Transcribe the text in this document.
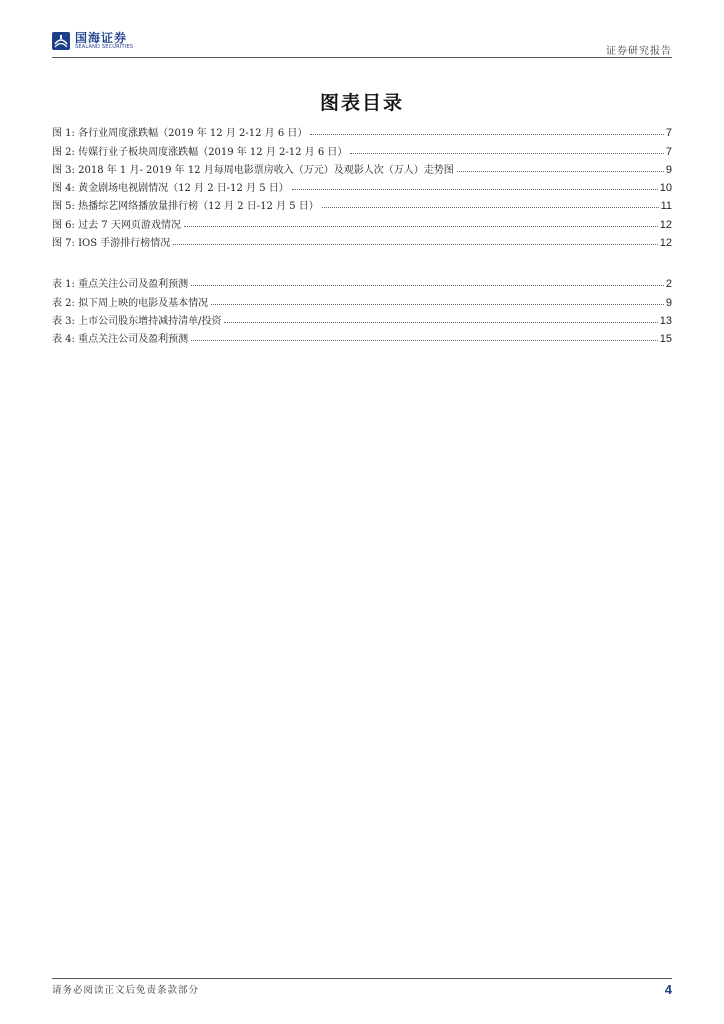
国海证券
SEALAND SECURITIES	证券研究报告
图表目录
图 1: 各行业周度涨跌幅（2019 年 12 月 2-12 月 6 日）	7
图 2: 传媒行业子板块周度涨跌幅（2019 年 12 月 2-12 月 6 日）	7
图 3: 2018 年 1 月- 2019 年 12 月每周电影票房收入（万元）及观影人次（万人）走势图	9
图 4: 黄金剧场电视剧情况（12 月 2 日-12 月 5 日）	10
图 5: 热播综艺网络播放量排行榜（12 月 2 日-12 月 5 日）	11
图 6: 过去 7 天网页游戏情况	12
图 7: IOS 手游排行榜情况	12
表 1: 重点关注公司及盈利预测	2
表 2: 拟下周上映的电影及基本情况	9
表 3: 上市公司股东增持减持清单/投资	13
表 4: 重点关注公司及盈利预测	15
请务必阅读正文后免责条款部分	4
